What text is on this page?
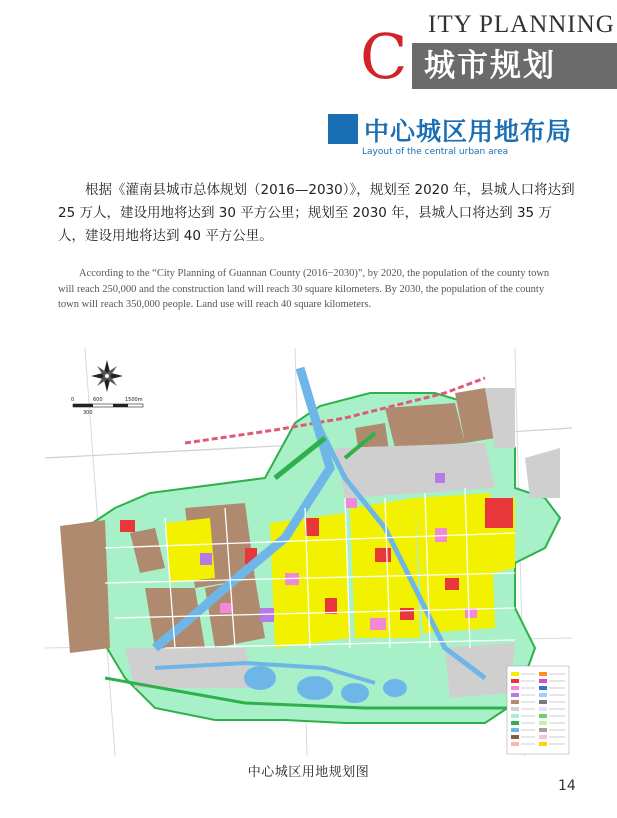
C ITY PLANNING
城市规划
中心城区用地布局
Layout of the central urban area
根据《灌南县城市总体规划（2016—2030）》，规划至 2020 年，县城人口将达到 25 万人，建设用地将达到 30 平方公里；规划至 2030 年，县城人口将达到 35 万人，建设用地将达到 40 平方公里。
According to the “City Planning of Guannan County (2016−2030)”, by 2020, the population of the county town will reach 250,000 and the construction land will reach 30 square kilometers. By 2030, the population of the county town will reach 350,000 people. Land use will reach 40 square kilometers.
0	600	1500m
300
中心城区用地规划图
14
